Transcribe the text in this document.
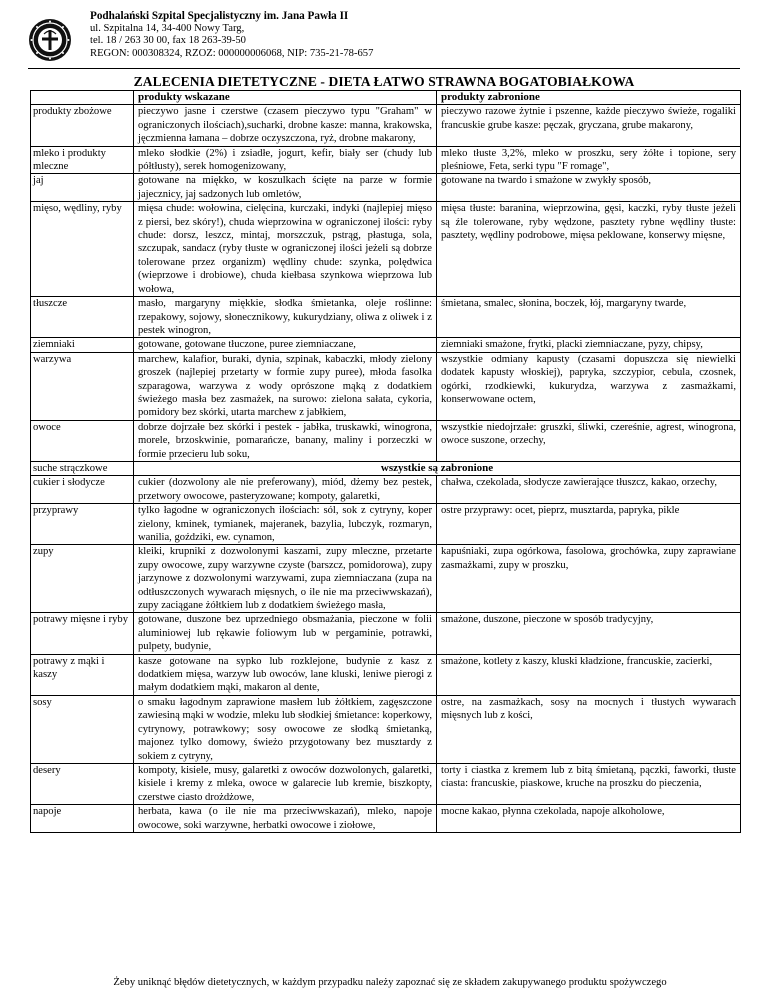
Podhalański Szpital Specjalistyczny im. Jana Pawła II
ul. Szpitalna 14, 34-400 Nowy Targ,
tel. 18 / 263 30 00, fax 18 263-39-50
REGON: 000308324, RZOZ: 000000006068, NIP: 735-21-78-657
ZALECENIA DIETETYCZNE - DIETA ŁATWO STRAWNA BOGATOBIAŁKOWA
	produkty wskazane	produkty zabronione
produkty zbożowe	pieczywo jasne i czerstwe (czasem pieczywo typu "Graham" w ograniczonych ilościach),sucharki, drobne kasze: manna, krakowska, jęczmienna łamana – dobrze oczyszczona, ryż, drobne makarony,	pieczywo razowe żytnie i pszenne, każde pieczywo świeże, rogaliki francuskie grube kasze: pęczak, gryczana, grube makarony,
mleko i produkty mleczne	mleko słodkie (2%) i zsiadłe, jogurt, kefir, biały ser (chudy lub półtłusty), serek homogenizowany,	mleko tłuste 3,2%, mleko w proszku, sery żółte i topione, sery pleśniowe, Feta, serki typu "F romage",
jaj	gotowane na miękko, w koszulkach ścięte na parze w formie jajecznicy, jaj sadzonych lub omletów,	gotowane na twardo i smażone w zwykły sposób,
mięso, wędliny, ryby	mięsa chude: wołowina, cielęcina, kurczaki, indyki (najlepiej mięso z piersi, bez skóry!), chuda wieprzowina w ograniczonej ilości: ryby chude: dorsz, leszcz, mintaj, morszczuk, pstrąg, płastuga, sola, szczupak, sandacz (ryby tłuste w ograniczonej ilości jeżeli są dobrze tolerowane przez organizm) wędliny chude: szynka, polędwica (wieprzowe i drobiowe), chuda kiełbasa szynkowa wieprzowa lub wołowa,	mięsa tłuste: baranina, wieprzowina, gęsi, kaczki, ryby tłuste jeżeli są źle tolerowane, ryby wędzone, pasztety rybne wędliny tłuste: pasztety, wędliny podrobowe, mięsa peklowane, konserwy mięsne,
tłuszcze	masło, margaryny miękkie, słodka śmietanka, oleje roślinne: rzepakowy, sojowy, słonecznikowy, kukurydziany, oliwa z oliwek i z pestek winogron,	śmietana, smalec, słonina, boczek, łój, margaryny twarde,
ziemniaki	gotowane, gotowane tłuczone, puree ziemniaczane,	ziemniaki smażone, frytki, placki ziemniaczane, pyzy, chipsy,
warzywa	marchew, kalafior, buraki, dynia, szpinak, kabaczki, młody zielony groszek (najlepiej przetarty w formie zupy puree), młoda fasolka szparagowa, warzywa z wody oprószone mąką z dodatkiem świeżego masła bez zasmażek, na surowo: zielona sałata, cykoria, pomidory bez skórki, utarta marchew z jabłkiem,	wszystkie odmiany kapusty (czasami dopuszcza się niewielki dodatek kapusty włoskiej), papryka, szczypior, cebula, czosnek, ogórki, rzodkiewki, kukurydza, warzywa z zasmażkami, konserwowane octem,
owoce	dobrze dojrzałe bez skórki i pestek - jabłka, truskawki, winogrona, morele, brzoskwinie, pomarańcze, banany, maliny i porzeczki w formie przecieru lub soku,	wszystkie niedojrzałe: gruszki, śliwki, czereśnie, agrest, winogrona, owoce suszone, orzechy,
suche strączkowe	wszystkie są zabronione	
cukier i słodycze	cukier (dozwolony ale nie preferowany), miód, dżemy bez pestek, przetwory owocowe, pasteryzowane; kompoty, galaretki,	chałwa, czekolada, słodycze zawierające tłuszcz, kakao, orzechy,
przyprawy	tylko łagodne w ograniczonych ilościach: sól, sok z cytryny, koper zielony, kminek, tymianek, majeranek, bazylia, lubczyk, rozmaryn, wanilia, goździki, ew. cynamon,	ostre przyprawy: ocet, pieprz, musztarda, papryka, pikle
zupy	kleiki, krupniki z dozwolonymi kaszami, zupy mleczne, przetarte zupy owocowe, zupy warzywne czyste (barszcz, pomidorowa), zupy jarzynowe z dozwolonymi warzywami, zupa ziemniaczana (zupa na odtłuszczonych wywarach mięsnych, o ile nie ma przeciwwskazań), zupy zaciągane żółtkiem lub z dodatkiem świeżego masła,	kapuśniaki, zupa ogórkowa, fasolowa, grochówka, zupy zaprawiane zasmażkami, zupy w proszku,
potrawy mięsne i ryby	gotowane, duszone bez uprzedniego obsmażania, pieczone w folii aluminiowej lub rękawie foliowym lub w pergaminie, potrawki, pulpety, budynie,	smażone, duszone, pieczone w sposób tradycyjny,
potrawy z mąki i kaszy	kasze gotowane na sypko lub rozklejone, budynie z kasz z dodatkiem mięsa, warzyw lub owoców, lane kluski, leniwe pierogi z małym dodatkiem mąki, makaron al dente,	smażone, kotlety z kaszy, kluski kładzione, francuskie, zacierki,
sosy	o smaku łagodnym zaprawione masłem lub żółtkiem, zagęszczone zawiesiną mąki w wodzie, mleku lub słodkiej śmietance: koperkowy, cytrynowy, potrawkowy; sosy owocowe ze słodką śmietanką, majonez tylko domowy, świeżo przygotowany bez musztardy z sokiem z cytryny,	ostre, na zasmażkach, sosy na mocnych i tłustych wywarach mięsnych lub z kości,
desery	kompoty, kisiele, musy, galaretki z owoców dozwolonych, galaretki, kisiele i kremy z mleka, owoce w galarecie lub kremie, biszkopty, czerstwe ciasto drożdżowe,	torty i ciastka z kremem lub z bitą śmietaną, pączki, faworki, tłuste ciasta: francuskie, piaskowe, kruche na proszku do pieczenia,
napoje	herbata, kawa (o ile nie ma przeciwwskazań), mleko, napoje owocowe, soki warzywne, herbatki owocowe i ziołowe,	mocne kakao, płynna czekolada, napoje alkoholowe,
Żeby uniknąć błędów dietetycznych, w każdym przypadku należy zapoznać się ze składem zakupywanego produktu spożywczego
